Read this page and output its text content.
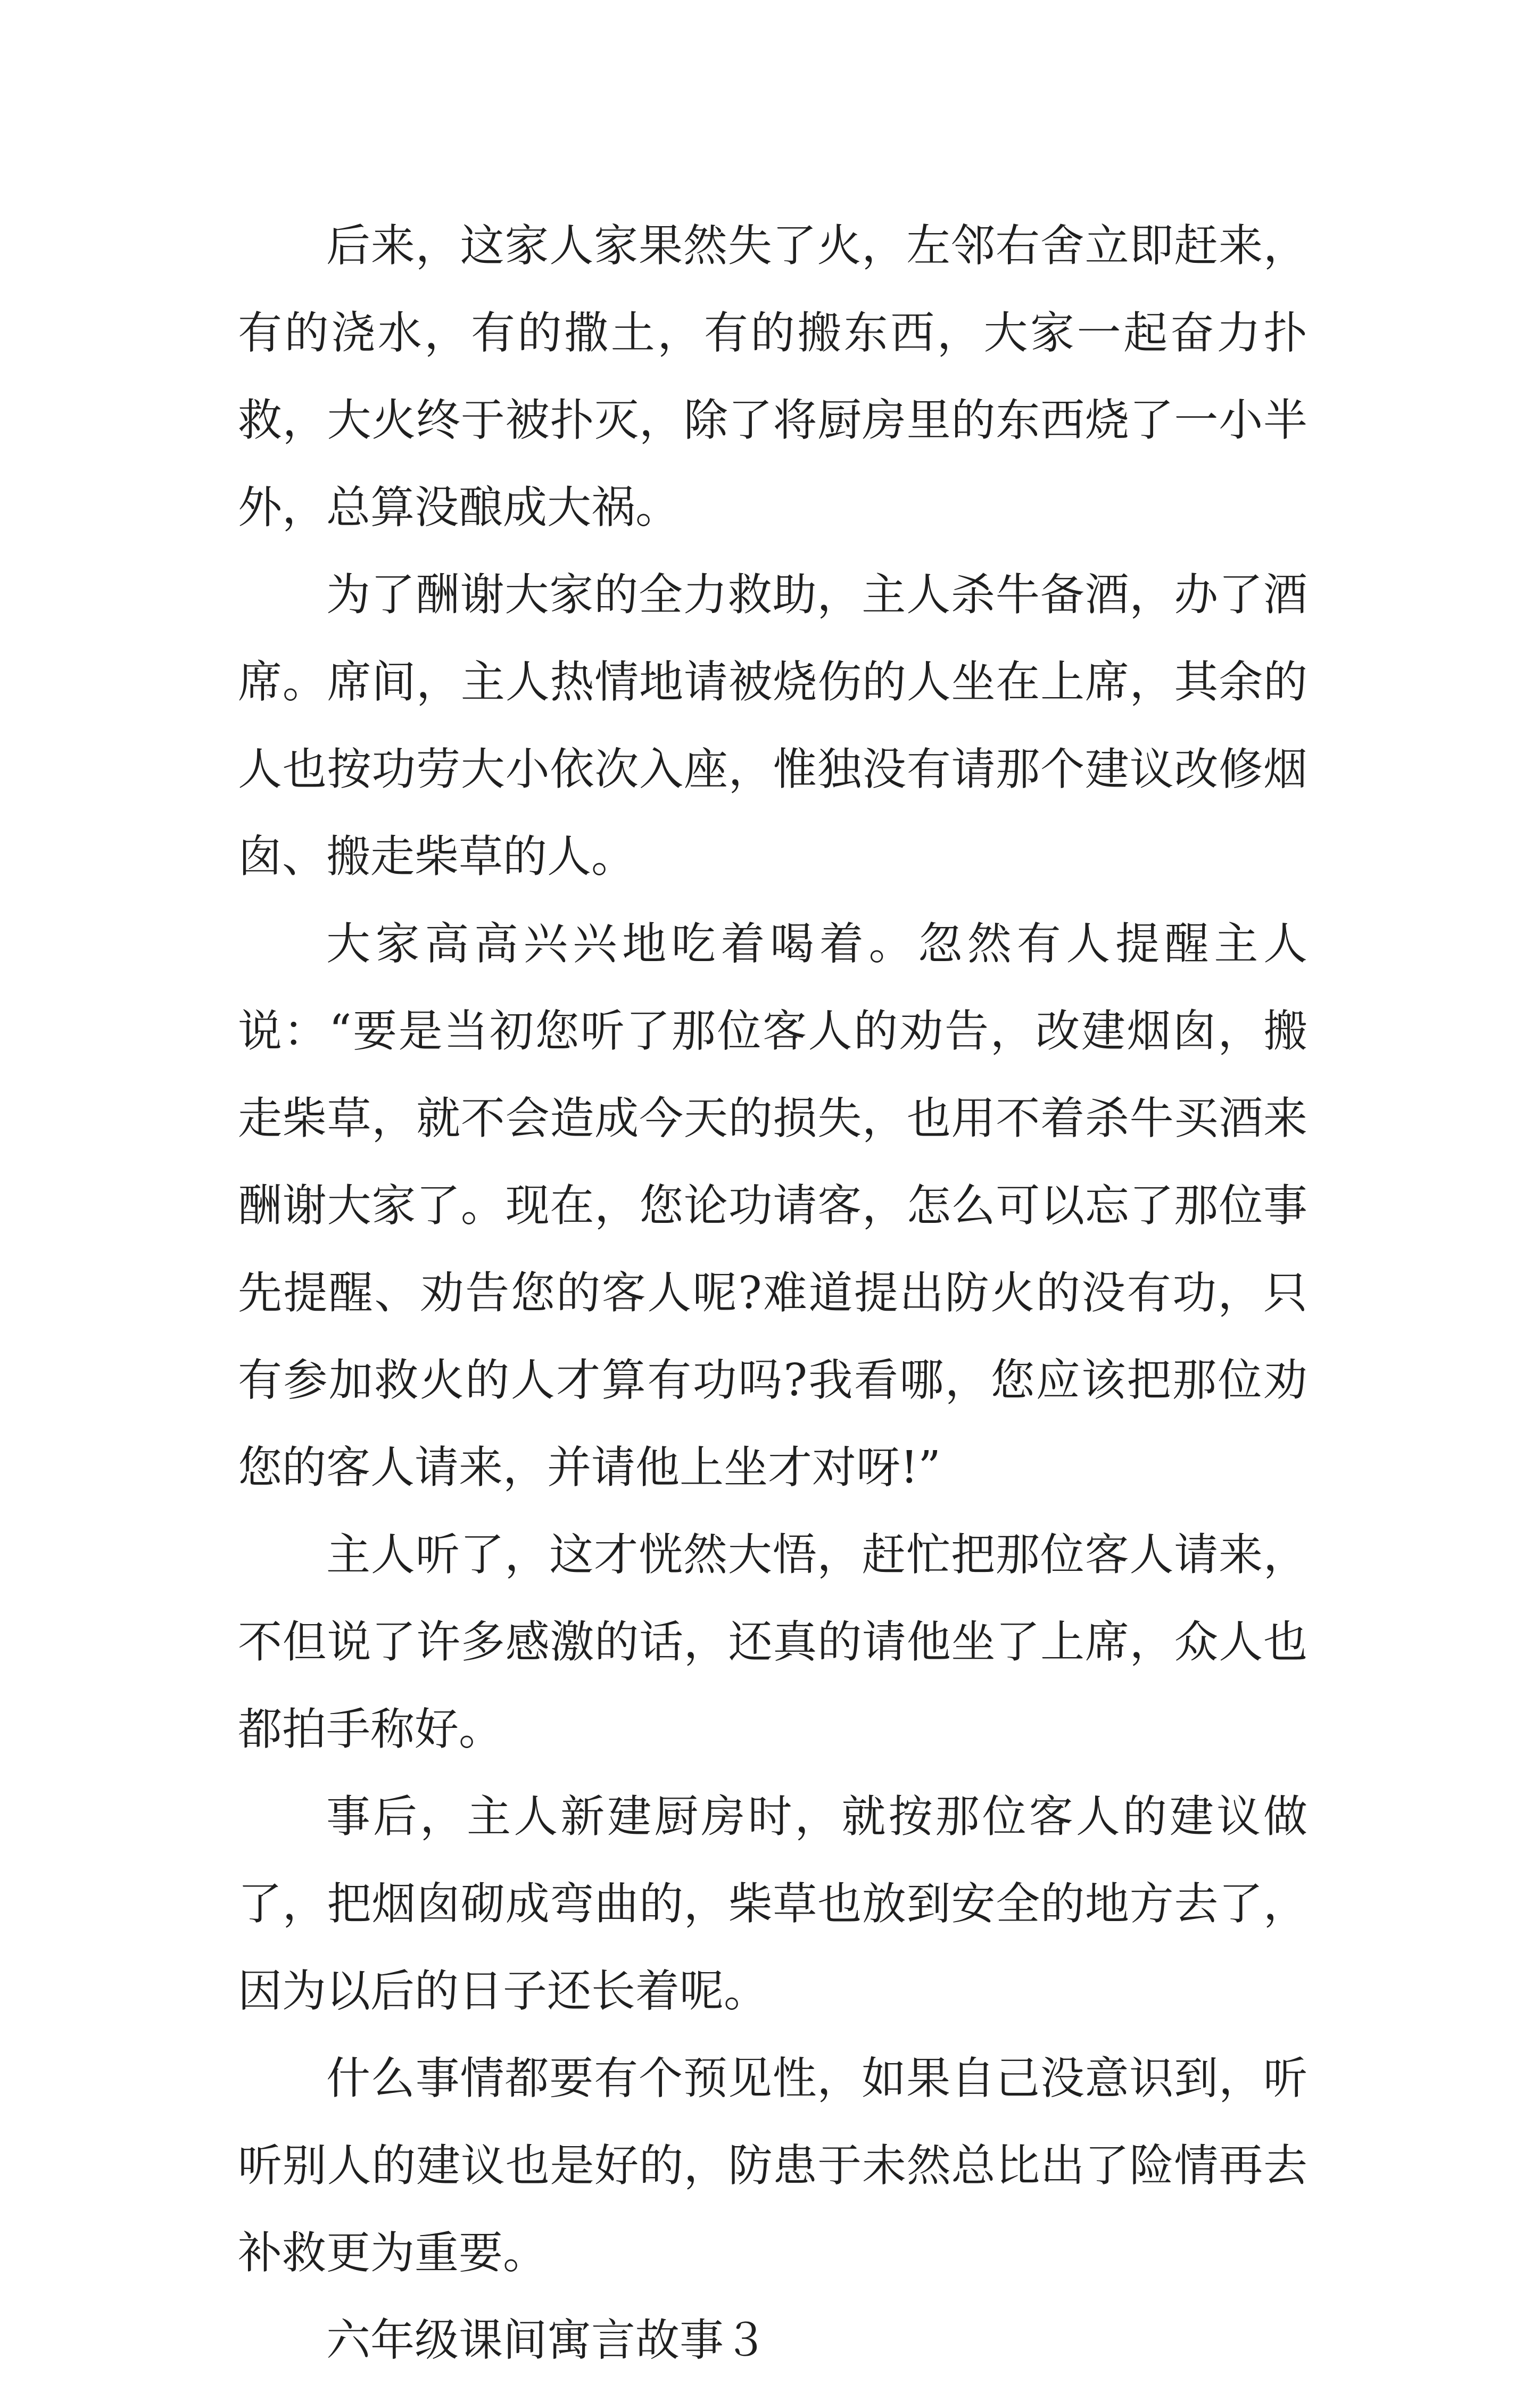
后来，这家人家果然失了火，左邻右舍立即赶来，有的浇水，有的撒土，有的搬东西，大家一起奋力扑救，大火终于被扑灭，除了将厨房里的东西烧了一小半外，总算没酿成大祸。

为了酬谢大家的全力救助，主人杀牛备酒，办了酒席。席间，主人热情地请被烧伤的人坐在上席，其余的人也按功劳大小依次入座，惟独没有请那个建议改修烟囱、搬走柴草的人。

大家高高兴兴地吃着喝着。忽然有人提醒主人说：“要是当初您听了那位客人的劝告，改建烟囱，搬走柴草，就不会造成今天的损失，也用不着杀牛买酒来酬谢大家了。现在，您论功请客，怎么可以忘了那位事先提醒、劝告您的客人呢?难道提出防火的没有功，只有参加救火的人才算有功吗?我看哪，您应该把那位劝您的客人请来，并请他上坐才对呀!”

主人听了，这才恍然大悟，赶忙把那位客人请来，不但说了许多感激的话，还真的请他坐了上席，众人也都拍手称好。

事后，主人新建厨房时，就按那位客人的建议做了，把烟囱砌成弯曲的，柴草也放到安全的地方去了，因为以后的日子还长着呢。

什么事情都要有个预见性，如果自己没意识到，听听别人的建议也是好的，防患于未然总比出了险情再去补救更为重要。

六年级课间寓言故事３
